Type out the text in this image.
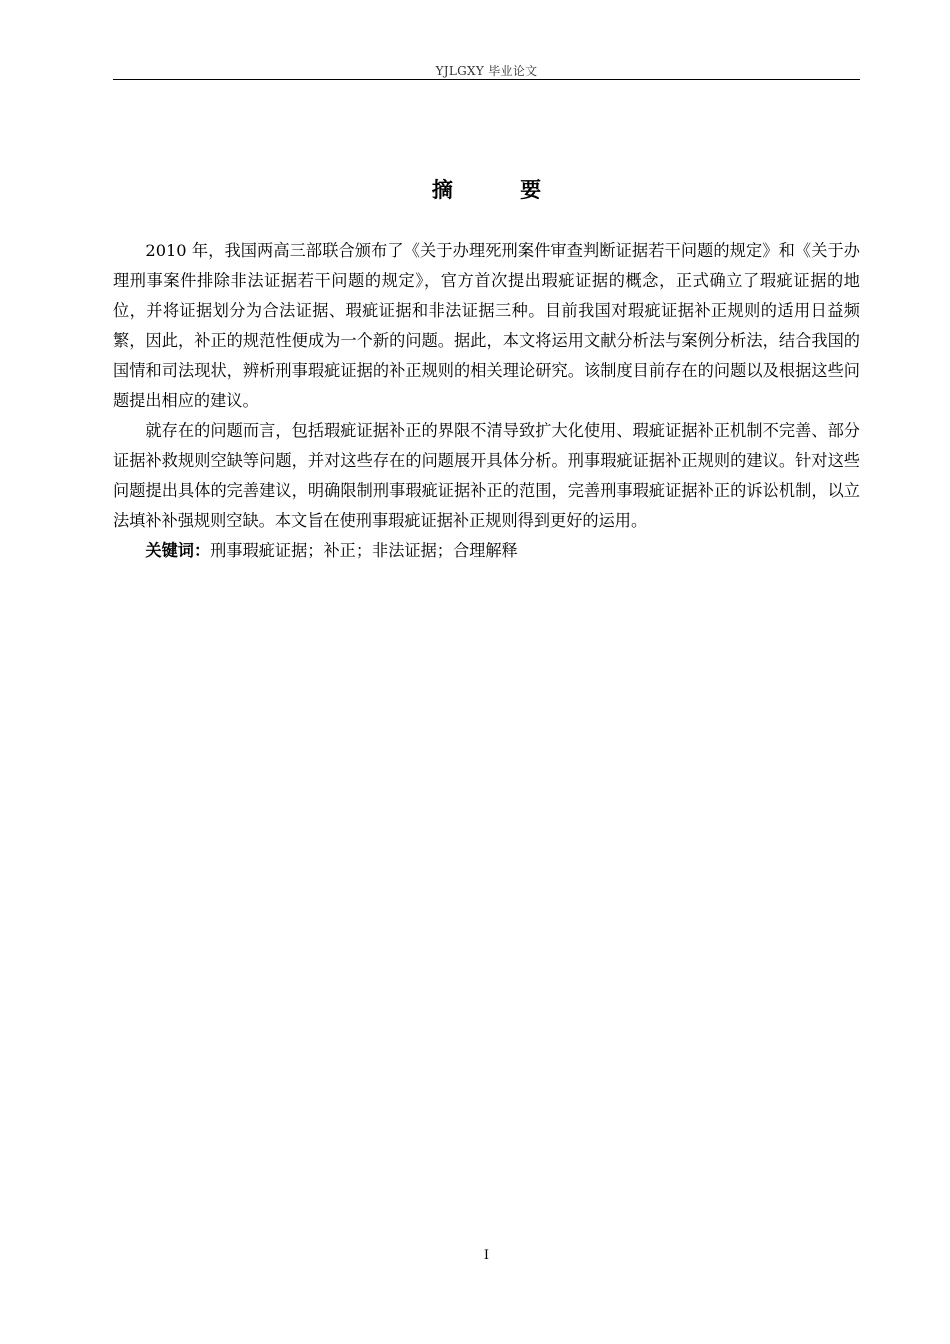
YJLGXY 毕业论文
摘 要

2010 年，我国两高三部联合颁布了《关于办理死刑案件审查判断证据若干问题的规定》和《关于办理刑事案件排除非法证据若干问题的规定》，官方首次提出瑕疵证据的概念，正式确立了瑕疵证据的地位，并将证据划分为合法证据、瑕疵证据和非法证据三种。目前我国对瑕疵证据补正规则的适用日益频繁，因此，补正的规范性便成为一个新的问题。据此，本文将运用文献分析法与案例分析法，结合我国的国情和司法现状，辨析刑事瑕疵证据的补正规则的相关理论研究。该制度目前存在的问题以及根据这些问题提出相应的建议。

就存在的问题而言，包括瑕疵证据补正的界限不清导致扩大化使用、瑕疵证据补正机制不完善、部分证据补救规则空缺等问题，并对这些存在的问题展开具体分析。刑事瑕疵证据补正规则的建议。针对这些问题提出具体的完善建议，明确限制刑事瑕疵证据补正的范围，完善刑事瑕疵证据补正的诉讼机制，以立法填补补强规则空缺。本文旨在使刑事瑕疵证据补正规则得到更好的运用。

关键词：刑事瑕疵证据；补正；非法证据；合理解释

I
